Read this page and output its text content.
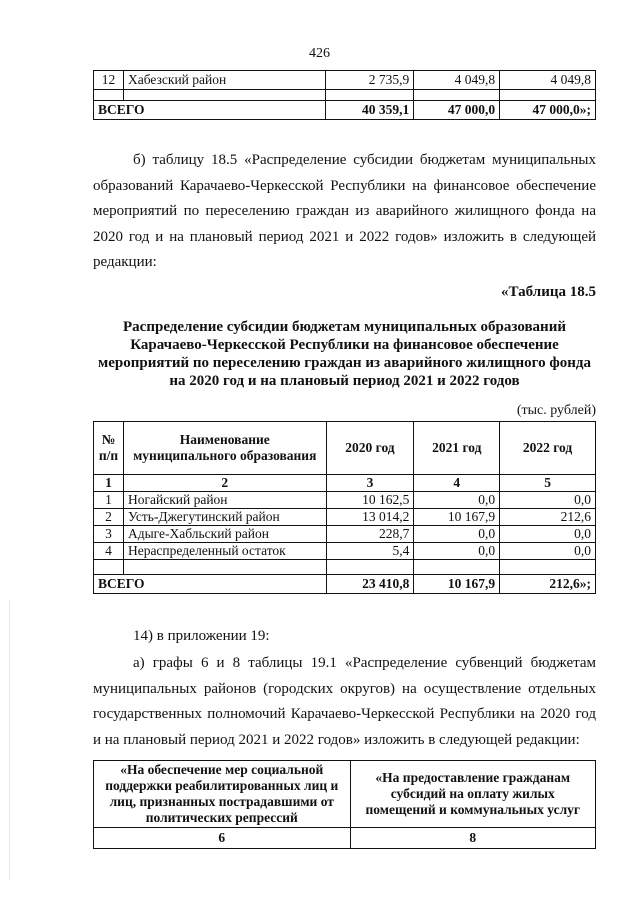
426
12	Хабезский район	2 735,9	4 049,8	4 049,8

ВСЕГО		40 359,1	47 000,0	47 000,0»;
б) таблицу 18.5 «Распределение субсидии бюджетам муниципальных образований Карачаево-Черкесской Республики на финансовое обеспечение мероприятий по переселению граждан из аварийного жилищного фонда на 2020 год и на плановый период 2021 и 2022 годов» изложить в следующей редакции:
«Таблица 18.5
Распределение субсидии бюджетам муниципальных образований Карачаево-Черкесской Республики на финансовое обеспечение мероприятий по переселению граждан из аварийного жилищного фонда на 2020 год и на плановый период 2021 и 2022 годов
(тыс. рублей)
№ п/п	Наименование муниципального образования	2020 год	2021 год	2022 год
1	2	3	4	5
1	Ногайский район	10 162,5	0,0	0,0
2	Усть-Джегутинский район	13 014,2	10 167,9	212,6
3	Адыге-Хабльский район	228,7	0,0	0,0
4	Нераспределенный остаток	5,4	0,0	0,0

ВСЕГО		23 410,8	10 167,9	212,6»;
14) в приложении 19:
а) графы 6 и 8 таблицы 19.1 «Распределение субвенций бюджетам муниципальных районов (городских округов) на осуществление отдельных государственных полномочий Карачаево-Черкесской Республики на 2020 год и на плановый период 2021 и 2022 годов» изложить в следующей редакции:
«На обеспечение мер социальной поддержки реабилитированных лиц и лиц, признанных пострадавшими от политических репрессий	«На предоставление гражданам субсидий на оплату жилых помещений и коммунальных услуг
6	8
